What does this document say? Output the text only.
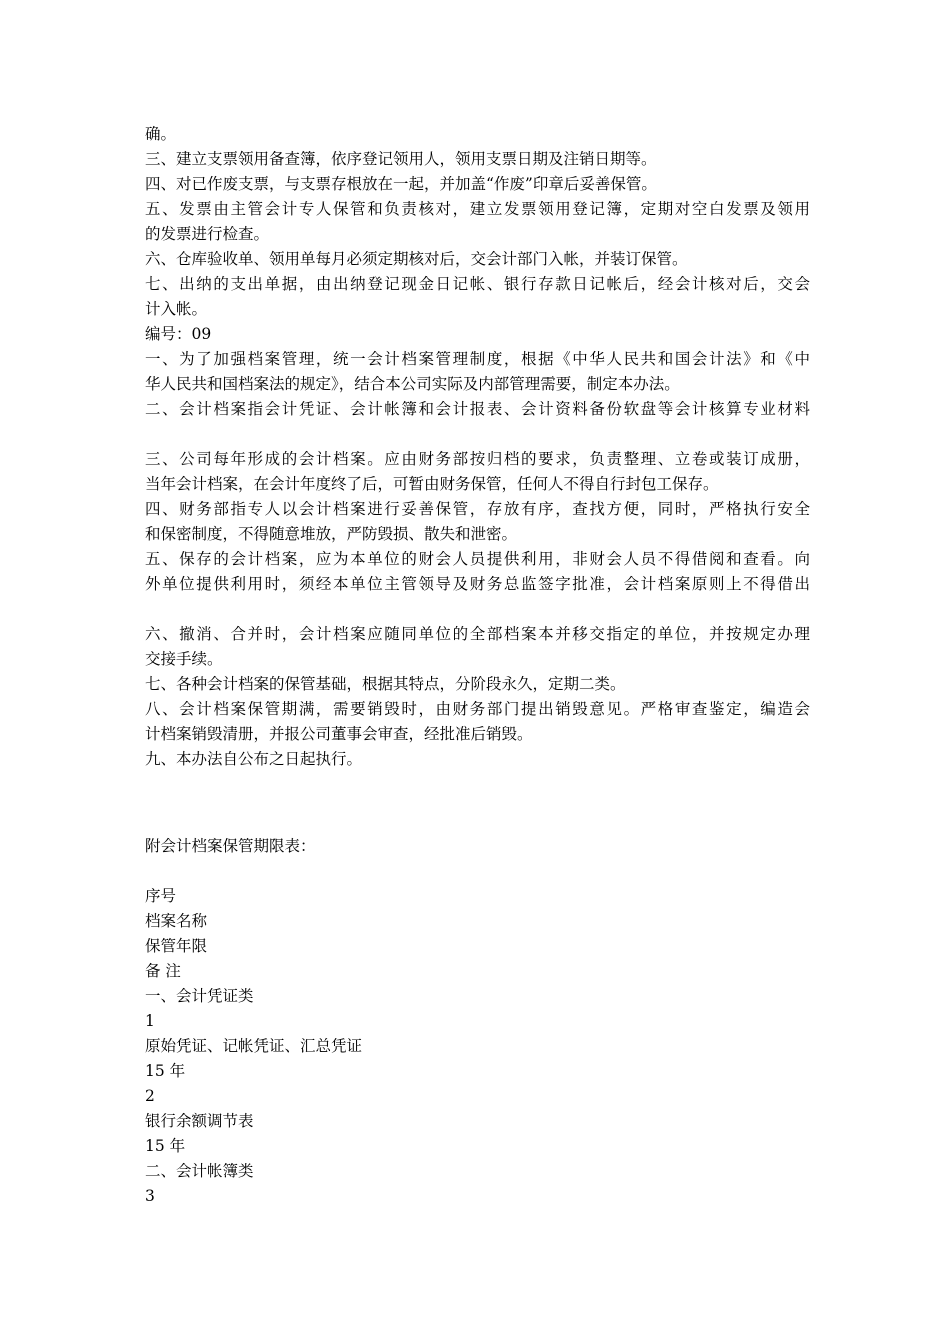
确。
三、建立支票领用备查簿，依序登记领用人，领用支票日期及注销日期等。
四、对已作废支票，与支票存根放在一起，并加盖“作废”印章后妥善保管。
五、发票由主管会计专人保管和负责核对，建立发票领用登记簿，定期对空白发票及领用
的发票进行检查。
六、仓库验收单、领用单每月必须定期核对后，交会计部门入帐，并装订保管。
七、出纳的支出单据，由出纳登记现金日记帐、银行存款日记帐后，经会计核对后，交会
计入帐。
编号：09
一、为了加强档案管理，统一会计档案管理制度，根据《中华人民共和国会计法》和《中
华人民共和国档案法的规定》，结合本公司实际及内部管理需要，制定本办法。
二、会计档案指会计凭证、会计帐簿和会计报表、会计资料备份软盘等会计核算专业材料
三、公司每年形成的会计档案。应由财务部按归档的要求，负责整理、立卷或装订成册，
当年会计档案，在会计年度终了后，可暂由财务保管，任何人不得自行封包工保存。
四、财务部指专人以会计档案进行妥善保管，存放有序，查找方便，同时，严格执行安全
和保密制度，不得随意堆放，严防毁损、散失和泄密。
五、保存的会计档案，应为本单位的财会人员提供利用，非财会人员不得借阅和查看。向
外单位提供利用时，须经本单位主管领导及财务总监签字批准，会计档案原则上不得借出
六、撤消、合并时，会计档案应随同单位的全部档案本并移交指定的单位，并按规定办理
交接手续。
七、各种会计档案的保管基础，根据其特点，分阶段永久，定期二类。
八、会计档案保管期满，需要销毁时，由财务部门提出销毁意见。严格审查鉴定，编造会
计档案销毁清册，并报公司董事会审查，经批准后销毁。
九、本办法自公布之日起执行。
附会计档案保管期限表：
序号
档案名称
保管年限
备 注
一、会计凭证类
1
原始凭证、记帐凭证、汇总凭证
15 年
2
银行余额调节表
15 年
二、会计帐簿类
3
